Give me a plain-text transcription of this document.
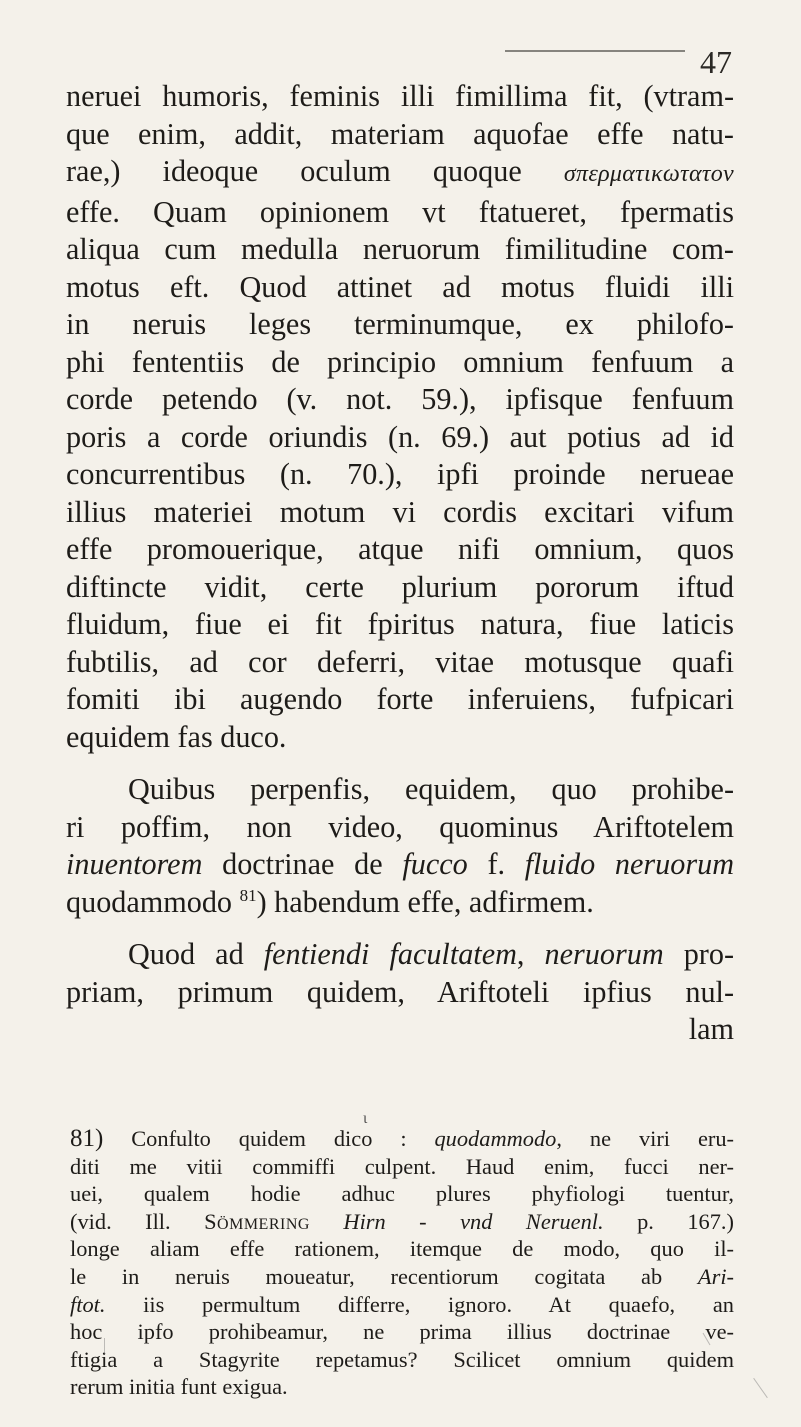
47
neruei humoris, feminis illi fimillima fit, (vtram-
que enim, addit, materiam aquofae effe natu-
rae,) ideoque oculum quoque σπερματικωτατον
effe. Quam opinionem vt ftatueret, fpermatis
aliqua cum medulla neruorum fimilitudine com-
motus eft. Quod attinet ad motus fluidi illi
in neruis leges terminumque, ex philofo-
phi fententiis de principio omnium fenfuum a
corde petendo (v. not. 59.), ipfisque fenfuum
poris a corde oriundis (n. 69.) aut potius ad id
concurrentibus (n. 70.), ipfi proinde nerueae
illius materiei motum vi cordis excitari vifum
effe promouerique, atque nifi omnium, quos
diftincte vidit, certe plurium pororum iftud
fluidum, fiue ei fit fpiritus natura, fiue laticis
fubtilis, ad cor deferri, vitae motusque quafi
fomiti ibi augendo forte inferuiens, fufpicari
equidem fas duco.
Quibus perpenfis, equidem, quo prohibe-
ri poffim, non video, quominus Ariftotelem
inuentorem doctrinae de fucco f. fluido neruorum
quodammodo $^{81}$) habendum effe, adfirmem.
Quod ad fentiendi facultatem, neruorum pro-
priam, primum quidem, Ariftoteli ipfius nul-
lam
ɩ
81) Confulto quidem dico : quodammodo, ne viri eru-
diti me vitii commiffi culpent. Haud enim, fucci ner-
uei, qualem hodie adhuc plures phyfiologi tuentur,
(vid. Ill. Sömmering Hirn - vnd Neruenl. p. 167.)
longe aliam effe rationem, itemque de modo, quo il-
le in neruis moueatur, recentiorum cogitata ab Ari-
ftot. iis permultum differre, ignoro. At quaefo, an
hoc ipfo prohibeamur, ne prima illius doctrinae ve-
ftigia a Stagyrite repetamus? Scilicet omnium quidem
rerum initia funt exigua.
